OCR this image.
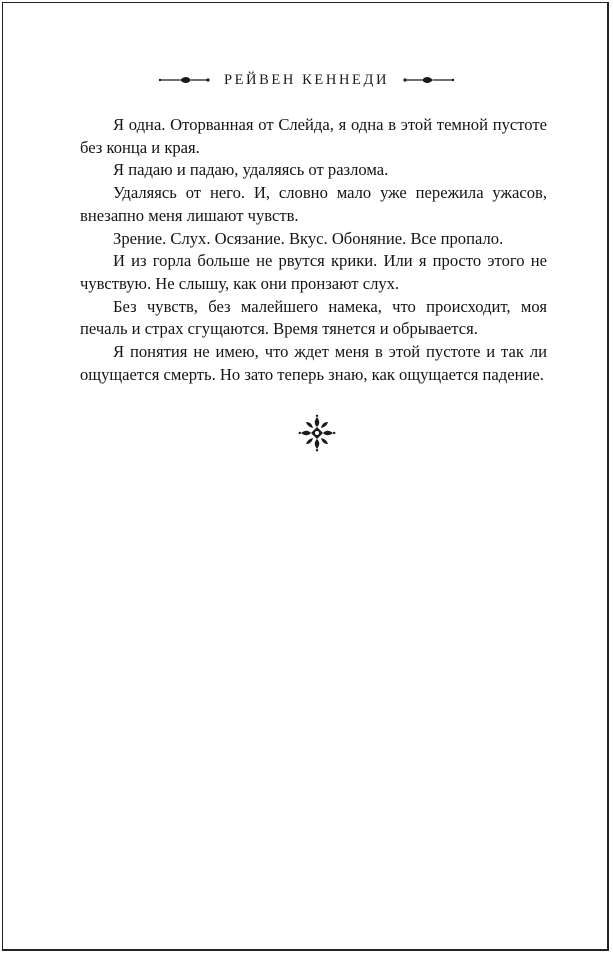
РЕЙВЕН КЕННЕДИ

Я одна. Оторванная от Слейда, я одна в этой темной пустоте без конца и края.

Я падаю и падаю, удаляясь от разлома.

Удаляясь от него. И, словно мало уже пережила ужасов, внезапно меня лишают чувств.

Зрение. Слух. Осязание. Вкус. Обоняние. Все пропало.

И из горла больше не рвутся крики. Или я просто этого не чувствую. Не слышу, как они пронзают слух.

Без чувств, без малейшего намека, что происходит, моя печаль и страх сгущаются. Время тянется и обрывается.

Я понятия не имею, что ждет меня в этой пустоте и так ли ощущается смерть. Но зато теперь знаю, как ощущается падение.
